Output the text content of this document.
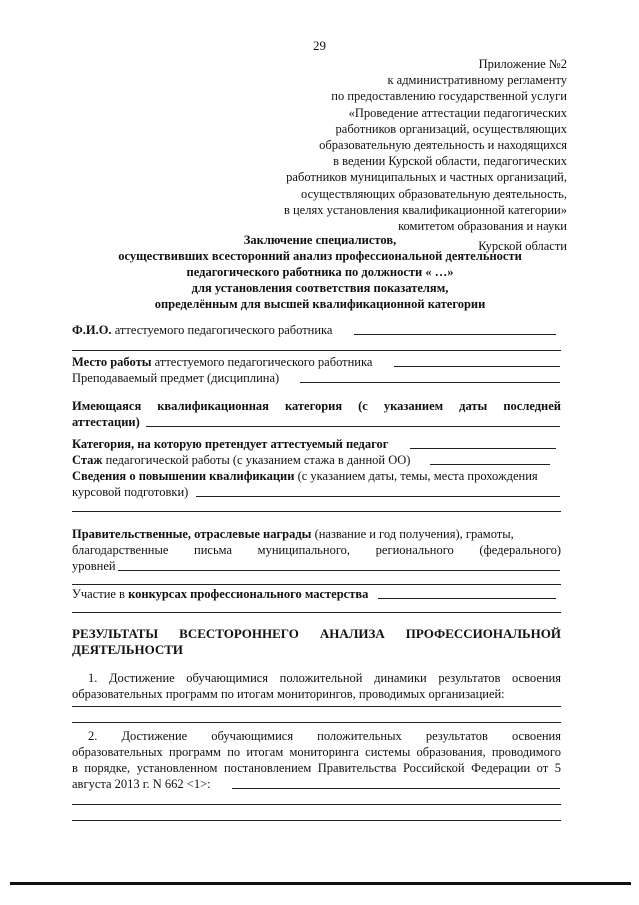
29
Приложение №2
к административному регламенту
по предоставлению государственной услуги
«Проведение аттестации педагогических
работников организаций, осуществляющих
образовательную деятельность и находящихся
в ведении Курской области, педагогических
работников муниципальных и частных организаций,
осуществляющих образовательную деятельность,
в целях установления квалификационной категории»
комитетом образования и науки
Курской области
Заключение специалистов,
осуществивших всесторонний анализ профессиональной деятельности
педагогического работника по должности « …»
для установления соответствия показателям,
определённым для высшей квалификационной категории
Ф.И.О. аттестуемого педагогического работника
Место работы аттестуемого педагогического работника
Преподаваемый предмет (дисциплина)
Имеющаяся квалификационная категория (с указанием даты последней
аттестации)
Категория, на которую претендует аттестуемый педагог
Стаж педагогической работы (с указанием стажа в данной ОО)
Сведения о повышении квалификации (с указанием даты, темы, места прохождения
курсовой подготовки)
Правительственные, отраслевые награды (название и год получения), грамоты,
благодарственные письма муниципального, регионального (федерального)
уровней
Участие в конкурсах профессионального мастерства
РЕЗУЛЬТАТЫ ВСЕСТОРОННЕГО АНАЛИЗА ПРОФЕССИОНАЛЬНОЙ
ДЕЯТЕЛЬНОСТИ
1. Достижение обучающимися положительной динамики результатов освоения
образовательных программ по итогам мониторингов, проводимых организацией:
2. Достижение обучающимися положительных результатов освоения
образовательных программ по итогам мониторинга системы образования, проводимого
в порядке, установленном постановлением Правительства Российской Федерации от 5
августа 2013 г. N 662 <1>:
